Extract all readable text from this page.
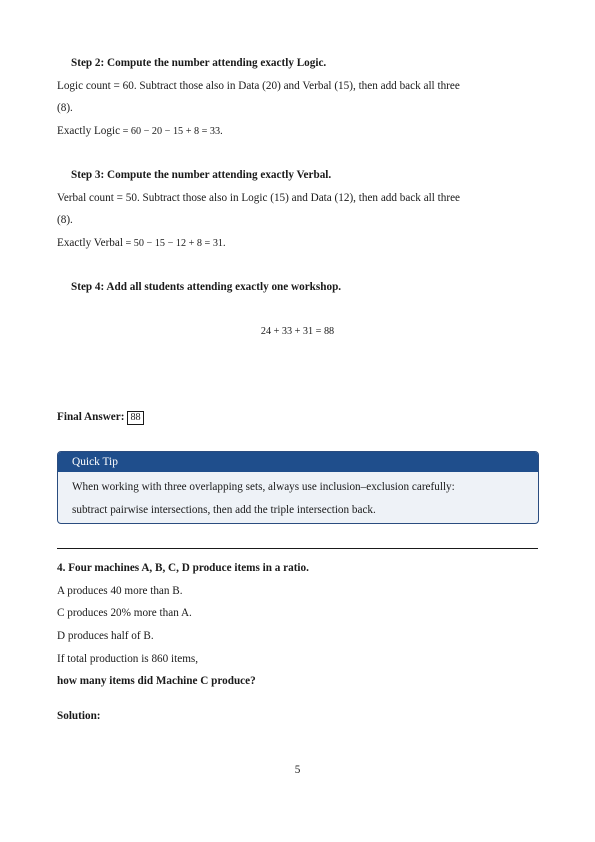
Step 2: Compute the number attending exactly Logic.
Logic count = 60. Subtract those also in Data (20) and Verbal (15), then add back all three
(8).
Exactly Logic = 60 − 20 − 15 + 8 = 33.
Step 3: Compute the number attending exactly Verbal.
Verbal count = 50. Subtract those also in Logic (15) and Data (12), then add back all three
(8).
Exactly Verbal = 50 − 15 − 12 + 8 = 31.
Step 4: Add all students attending exactly one workshop.
24 + 33 + 31 = 88
Final Answer: 88
Quick Tip
When working with three overlapping sets, always use inclusion–exclusion carefully:
subtract pairwise intersections, then add the triple intersection back.
4. Four machines A, B, C, D produce items in a ratio.
A produces 40 more than B.
C produces 20% more than A.
D produces half of B.
If total production is 860 items,
how many items did Machine C produce?
Solution:
5
